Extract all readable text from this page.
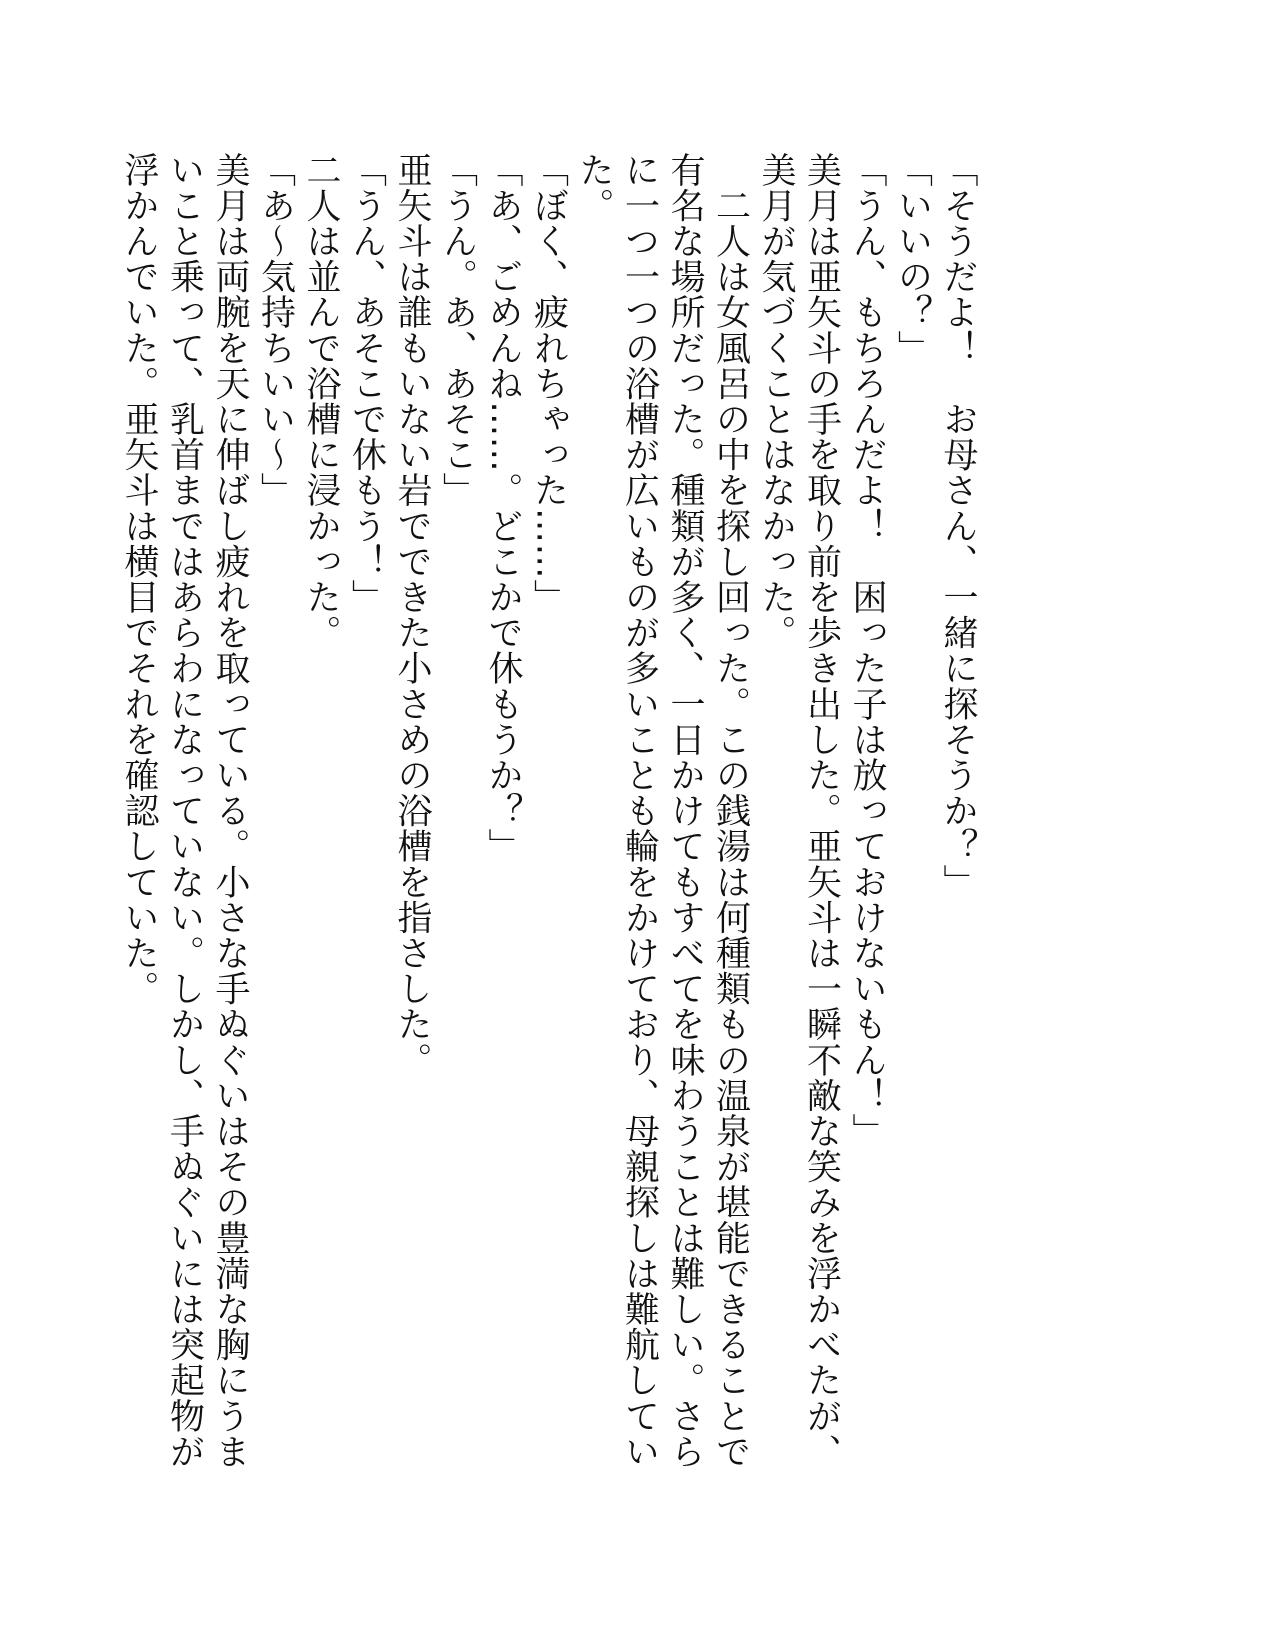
「そうだよ！　お母さん、一緒に探そうか？」
「いいの？」
「うん、もちろんだよ！　困った子は放っておけないもん！」
美月は亜矢斗の手を取り前を歩き出した。亜矢斗は一瞬不敵な笑みを浮かべたが、美月が気づくことはなかった。
　二人は女風呂の中を探し回った。この銭湯は何種類もの温泉が堪能できることで有名な場所だった。種類が多く、一日かけてもすべてを味わうことは難しい。さらに一つ一つの浴槽が広いものが多いことも輪をかけており、母親探しは難航していた。
「ぼく、疲れちゃった……」
「あ、ごめんね……。どこかで休もうか？」
「うん。あ、あそこ」
亜矢斗は誰もいない岩でできた小さめの浴槽を指さした。
「うん、あそこで休もう！」
二人は並んで浴槽に浸かった。
「あ～気持ちいい～」
美月は両腕を天に伸ばし疲れを取っている。小さな手ぬぐいはその豊満な胸にうまいこと乗って、乳首まではあらわになっていない。しかし、手ぬぐいには突起物が浮かんでいた。亜矢斗は横目でそれを確認していた。
